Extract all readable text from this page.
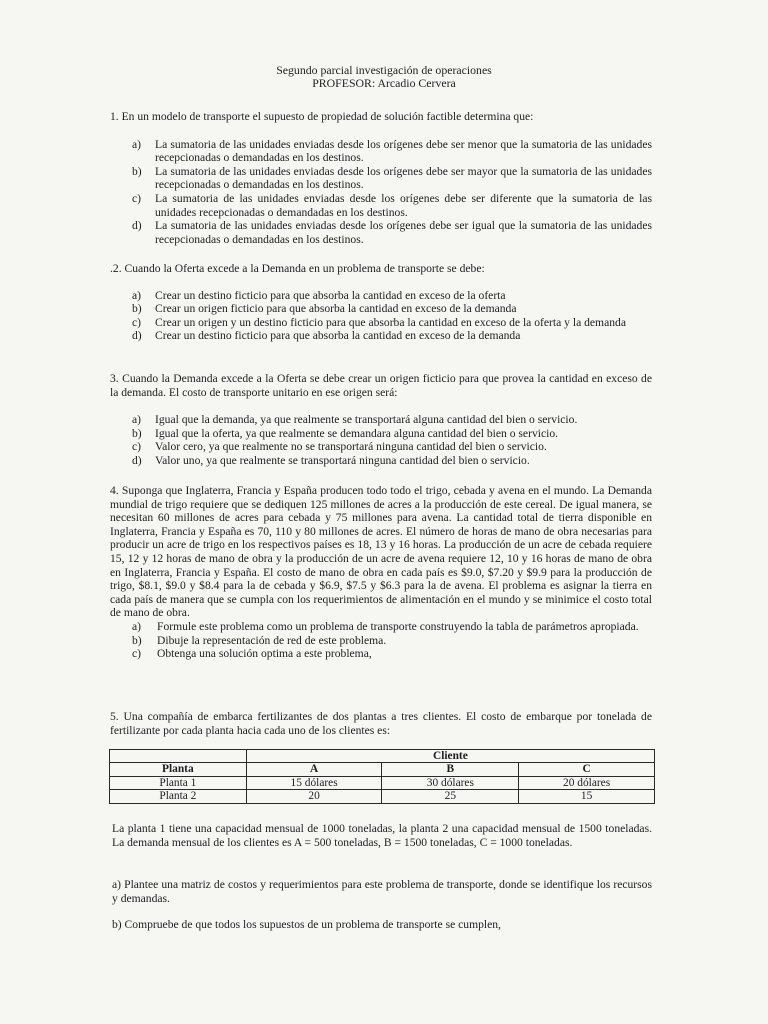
Segundo parcial investigación de operaciones
PROFESOR: Arcadio Cervera

1. En un modelo de transporte el supuesto de propiedad de solución factible determina que:

a) La sumatoria de las unidades enviadas desde los orígenes debe ser menor que la sumatoria de las unidades recepcionadas o demandadas en los destinos.
b) La sumatoria de las unidades enviadas desde los orígenes debe ser mayor que la sumatoria de las unidades recepcionadas o demandadas en los destinos.
c) La sumatoria de las unidades enviadas desde los orígenes debe ser diferente que la sumatoria de las unidades recepcionadas o demandadas en los destinos.
d) La sumatoria de las unidades enviadas desde los orígenes debe ser igual que la sumatoria de las unidades recepcionadas o demandadas en los destinos.

.2. Cuando la Oferta excede a la Demanda en un problema de transporte se debe:

a) Crear un destino ficticio para que absorba la cantidad en exceso de la oferta
b) Crear un origen ficticio para que absorba la cantidad en exceso de la demanda
c) Crear un origen y un destino ficticio para que absorba la cantidad en exceso de la oferta y la demanda
d) Crear un destino ficticio para que absorba la cantidad en exceso de la demanda

3. Cuando la Demanda excede a la Oferta se debe crear un origen ficticio para que provea la cantidad en exceso de la demanda. El costo de transporte unitario en ese origen será:

a) Igual que la demanda, ya que realmente se transportará alguna cantidad del bien o servicio.
b) Igual que la oferta, ya que realmente se demandara alguna cantidad del bien o servicio.
c) Valor cero, ya que realmente no se transportará ninguna cantidad del bien o servicio.
d) Valor uno, ya que realmente se transportará ninguna cantidad del bien o servicio.

4. Suponga que Inglaterra, Francia y España producen todo todo el trigo, cebada y avena en el mundo. La Demanda mundial de trigo requiere que se dediquen 125 millones de acres a la producción de este cereal. De igual manera, se necesitan 60 millones de acres para cebada y 75 millones para avena. La cantidad total de tierra disponible en Inglaterra, Francia y España es 70, 110 y 80 millones de acres. El número de horas de mano de obra necesarias para producir un acre de trigo en los respectivos países es 18, 13 y 16 horas. La producción de un acre de cebada requiere 15, 12 y 12 horas de mano de obra y la producción de un acre de avena requiere 12, 10 y 16 horas de mano de obra en Inglaterra, Francia y España. El costo de mano de obra en cada país es $9.0, $7.20 y $9.9 para la producción de trigo, $8.1, $9.0 y $8.4 para la de cebada y $6.9, $7.5 y $6.3 para la de avena. El problema es asignar la tierra en cada país de manera que se cumpla con los requerimientos de alimentación en el mundo y se minimice el costo total de mano de obra.

a) Formule este problema como un problema de transporte construyendo la tabla de parámetros apropiada.
b) Dibuje la representación de red de este problema.
c) Obtenga una solución optima a este problema,

5. Una compañía de embarca fertilizantes de dos plantas a tres clientes. El costo de embarque por tonelada de fertilizante por cada planta hacia cada uno de los clientes es:

	Cliente		
Planta	A	B	C
Planta 1	15 dólares	30 dólares	20 dólares
Planta 2	20	25	15

La planta 1 tiene una capacidad mensual de 1000 toneladas, la planta 2 una capacidad mensual de 1500 toneladas. La demanda mensual de los clientes es A = 500 toneladas, B = 1500 toneladas, C = 1000 toneladas.

a) Plantee una matriz de costos y requerimientos para este problema de transporte, donde se identifique los recursos y demandas.

b) Compruebe de que todos los supuestos de un problema de transporte se cumplen,
